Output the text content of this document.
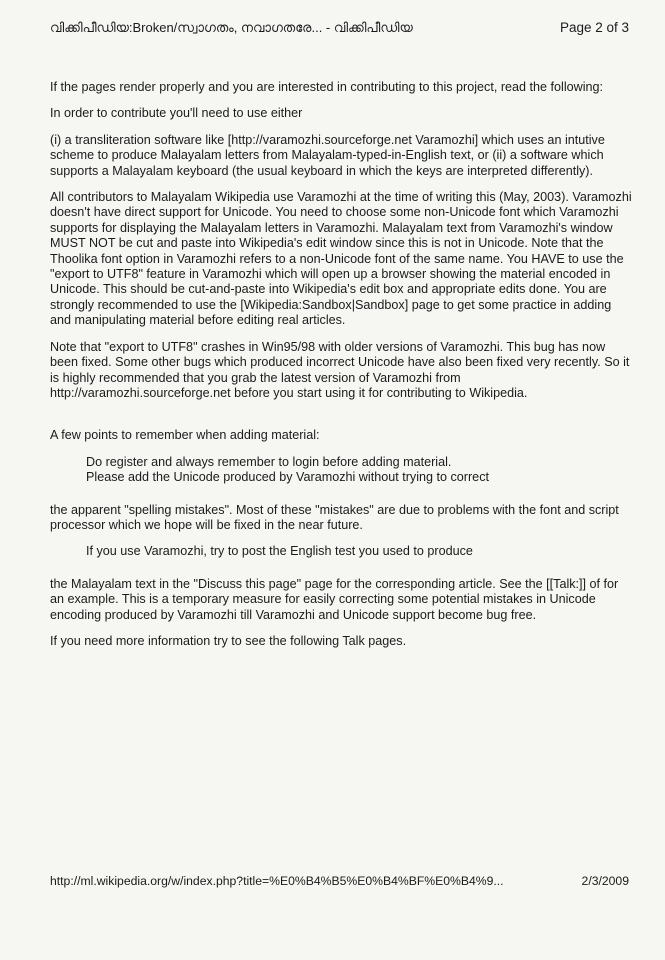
വിക്കിപീഡിയ:Broken/സ്വാഗതം, നവാഗതരേ... - വിക്കിപീഡിയ	Page 2 of 3

If the pages render properly and you are interested in contributing to this project, read the following:

In order to contribute you'll need to use either

(i) a transliteration software like [http://varamozhi.sourceforge.net Varamozhi] which uses an intutive scheme to produce Malayalam letters from Malayalam-typed-in-English text, or (ii) a software which supports a Malayalam keyboard (the usual keyboard in which the keys are interpreted differently).

All contributors to Malayalam Wikipedia use Varamozhi at the time of writing this (May, 2003). Varamozhi doesn't have direct support for Unicode. You need to choose some non-Unicode font which Varamozhi supports for displaying the Malayalam letters in Varamozhi. Malayalam text from Varamozhi's window MUST NOT be cut and paste into Wikipedia's edit window since this is not in Unicode. Note that the Thoolika font option in Varamozhi refers to a non-Unicode font of the same name. You HAVE to use the "export to UTF8" feature in Varamozhi which will open up a browser showing the material encoded in Unicode. This should be cut-and-paste into Wikipedia's edit box and appropriate edits done. You are strongly recommended to use the [Wikipedia:Sandbox|Sandbox] page to get some practice in adding and manipulating material before editing real articles.

Note that "export to UTF8" crashes in Win95/98 with older versions of Varamozhi. This bug has now been fixed. Some other bugs which produced incorrect Unicode have also been fixed very recently. So it is highly recommended that you grab the latest version of Varamozhi from http://varamozhi.sourceforge.net before you start using it for contributing to Wikipedia.

A few points to remember when adding material:

Do register and always remember to login before adding material.

Please add the Unicode produced by Varamozhi without trying to correct

the apparent "spelling mistakes". Most of these "mistakes" are due to problems with the font and script processor which we hope will be fixed in the near future.

If you use Varamozhi, try to post the English test you used to produce

the Malayalam text in the "Discuss this page" page for the corresponding article. See the [[Talk:]] of for an example. This is a temporary measure for easily correcting some potential mistakes in Unicode encoding produced by Varamozhi till Varamozhi and Unicode support become bug free.

If you need more information try to see the following Talk pages.

http://ml.wikipedia.org/w/index.php?title=%E0%B4%B5%E0%B4%BF%E0%B4%9...	2/3/2009
